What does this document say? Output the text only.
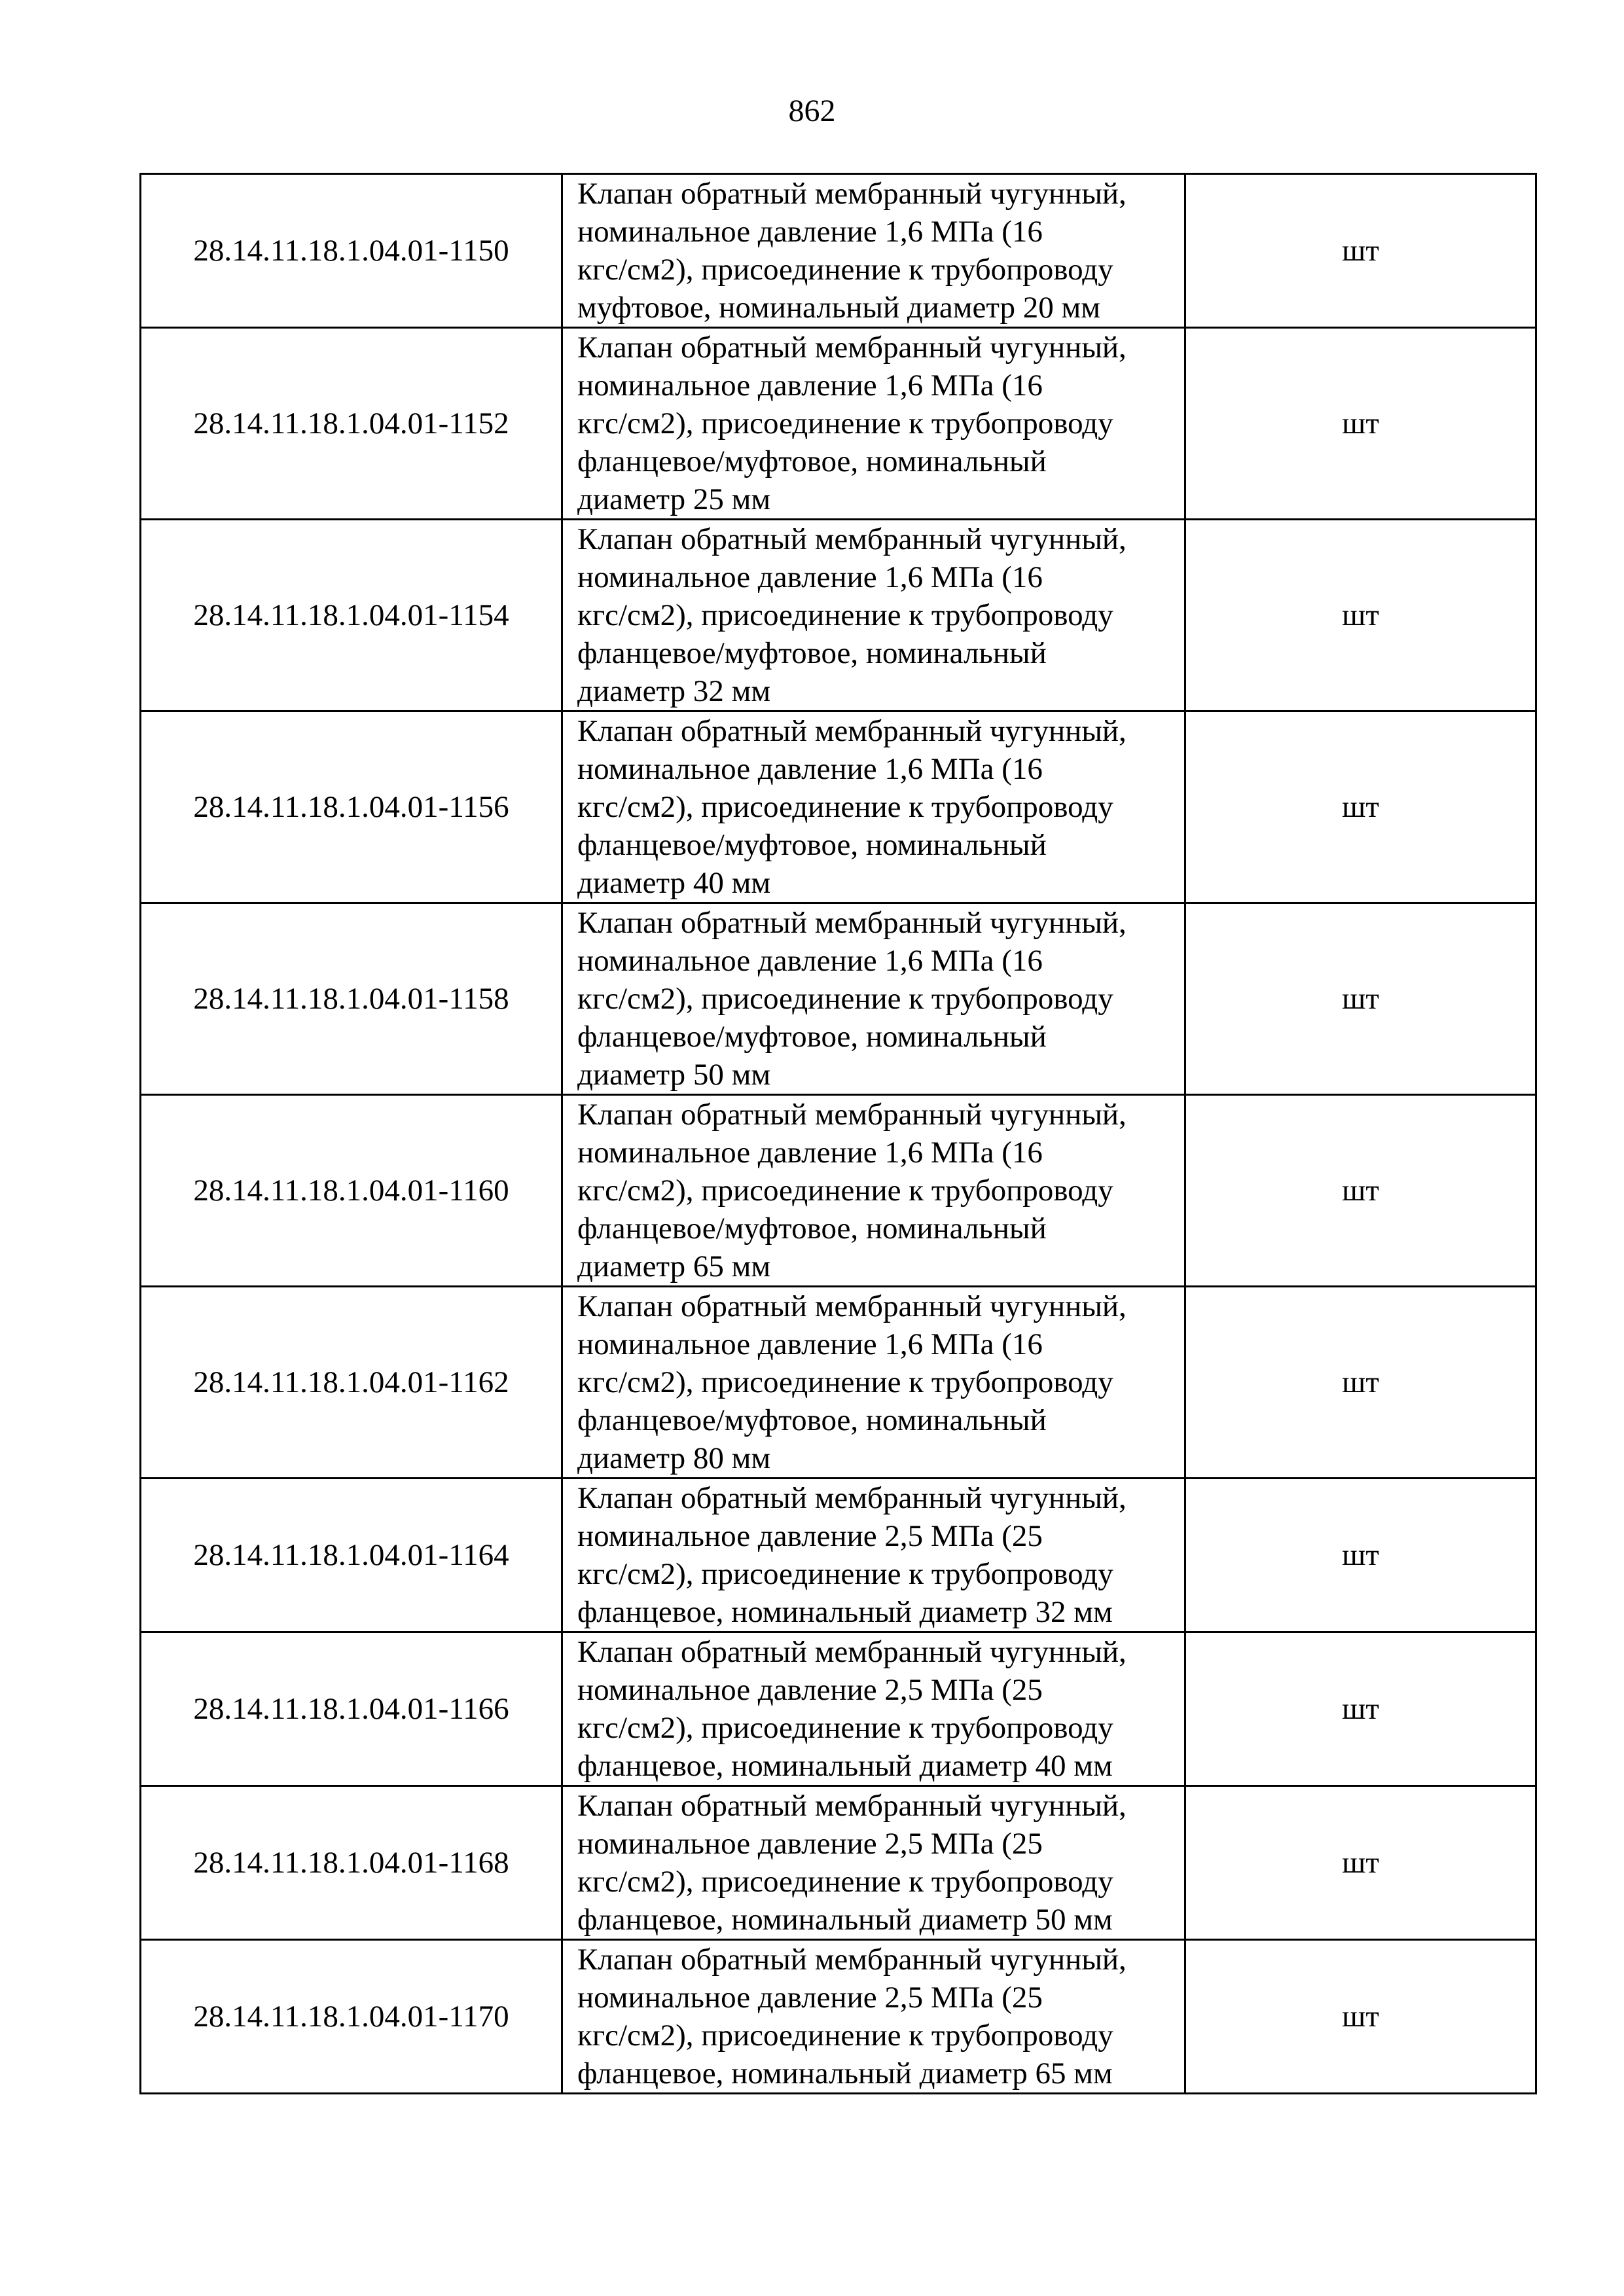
862
28.14.11.18.1.04.01-1150	Клапан обратный мембранный чугунный,
номинальное давление 1,6 МПа (16
кгс/см2), присоединение к трубопроводу
муфтовое, номинальный диаметр 20 мм	шт
28.14.11.18.1.04.01-1152	Клапан обратный мембранный чугунный,
номинальное давление 1,6 МПа (16
кгс/см2), присоединение к трубопроводу
фланцевое/муфтовое, номинальный
диаметр 25 мм	шт
28.14.11.18.1.04.01-1154	Клапан обратный мембранный чугунный,
номинальное давление 1,6 МПа (16
кгс/см2), присоединение к трубопроводу
фланцевое/муфтовое, номинальный
диаметр 32 мм	шт
28.14.11.18.1.04.01-1156	Клапан обратный мембранный чугунный,
номинальное давление 1,6 МПа (16
кгс/см2), присоединение к трубопроводу
фланцевое/муфтовое, номинальный
диаметр 40 мм	шт
28.14.11.18.1.04.01-1158	Клапан обратный мембранный чугунный,
номинальное давление 1,6 МПа (16
кгс/см2), присоединение к трубопроводу
фланцевое/муфтовое, номинальный
диаметр 50 мм	шт
28.14.11.18.1.04.01-1160	Клапан обратный мембранный чугунный,
номинальное давление 1,6 МПа (16
кгс/см2), присоединение к трубопроводу
фланцевое/муфтовое, номинальный
диаметр 65 мм	шт
28.14.11.18.1.04.01-1162	Клапан обратный мембранный чугунный,
номинальное давление 1,6 МПа (16
кгс/см2), присоединение к трубопроводу
фланцевое/муфтовое, номинальный
диаметр 80 мм	шт
28.14.11.18.1.04.01-1164	Клапан обратный мембранный чугунный,
номинальное давление 2,5 МПа (25
кгс/см2), присоединение к трубопроводу
фланцевое, номинальный диаметр 32 мм	шт
28.14.11.18.1.04.01-1166	Клапан обратный мембранный чугунный,
номинальное давление 2,5 МПа (25
кгс/см2), присоединение к трубопроводу
фланцевое, номинальный диаметр 40 мм	шт
28.14.11.18.1.04.01-1168	Клапан обратный мембранный чугунный,
номинальное давление 2,5 МПа (25
кгс/см2), присоединение к трубопроводу
фланцевое, номинальный диаметр 50 мм	шт
28.14.11.18.1.04.01-1170	Клапан обратный мембранный чугунный,
номинальное давление 2,5 МПа (25
кгс/см2), присоединение к трубопроводу
фланцевое, номинальный диаметр 65 мм	шт
